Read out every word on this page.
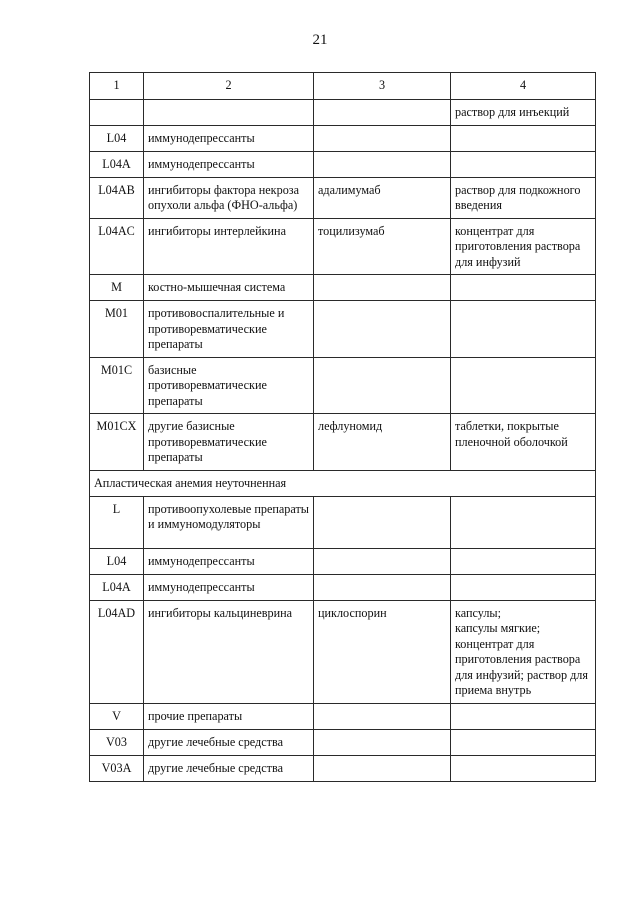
21
1	2	3	4
			раствор для инъекций
L04	иммунодепрессанты		
L04A	иммунодепрессанты		
L04AB	ингибиторы фактора некроза опухоли альфа (ФНО-альфа)	адалимумаб	раствор для подкожного введения
L04AC	ингибиторы интерлейкина	тоцилизумаб	концентрат для приготовления раствора для инфузий
M	костно-мышечная система		
M01	противовоспалительные и противоревматические препараты		
M01C	базисные противоревматические препараты		
M01CX	другие базисные противоревматические препараты	лефлуномид	таблетки, покрытые пленочной оболочкой
Апластическая анемия неуточненная			
L	противоопухолевые препараты и иммуномодуляторы		
L04	иммунодепрессанты		
L04A	иммунодепрессанты		
L04AD	ингибиторы кальциневрина	циклоспорин	капсулы;
капсулы мягкие;
концентрат для приготовления раствора для инфузий; раствор для приема внутрь
V	прочие препараты		
V03	другие лечебные средства		
V03A	другие лечебные средства		
